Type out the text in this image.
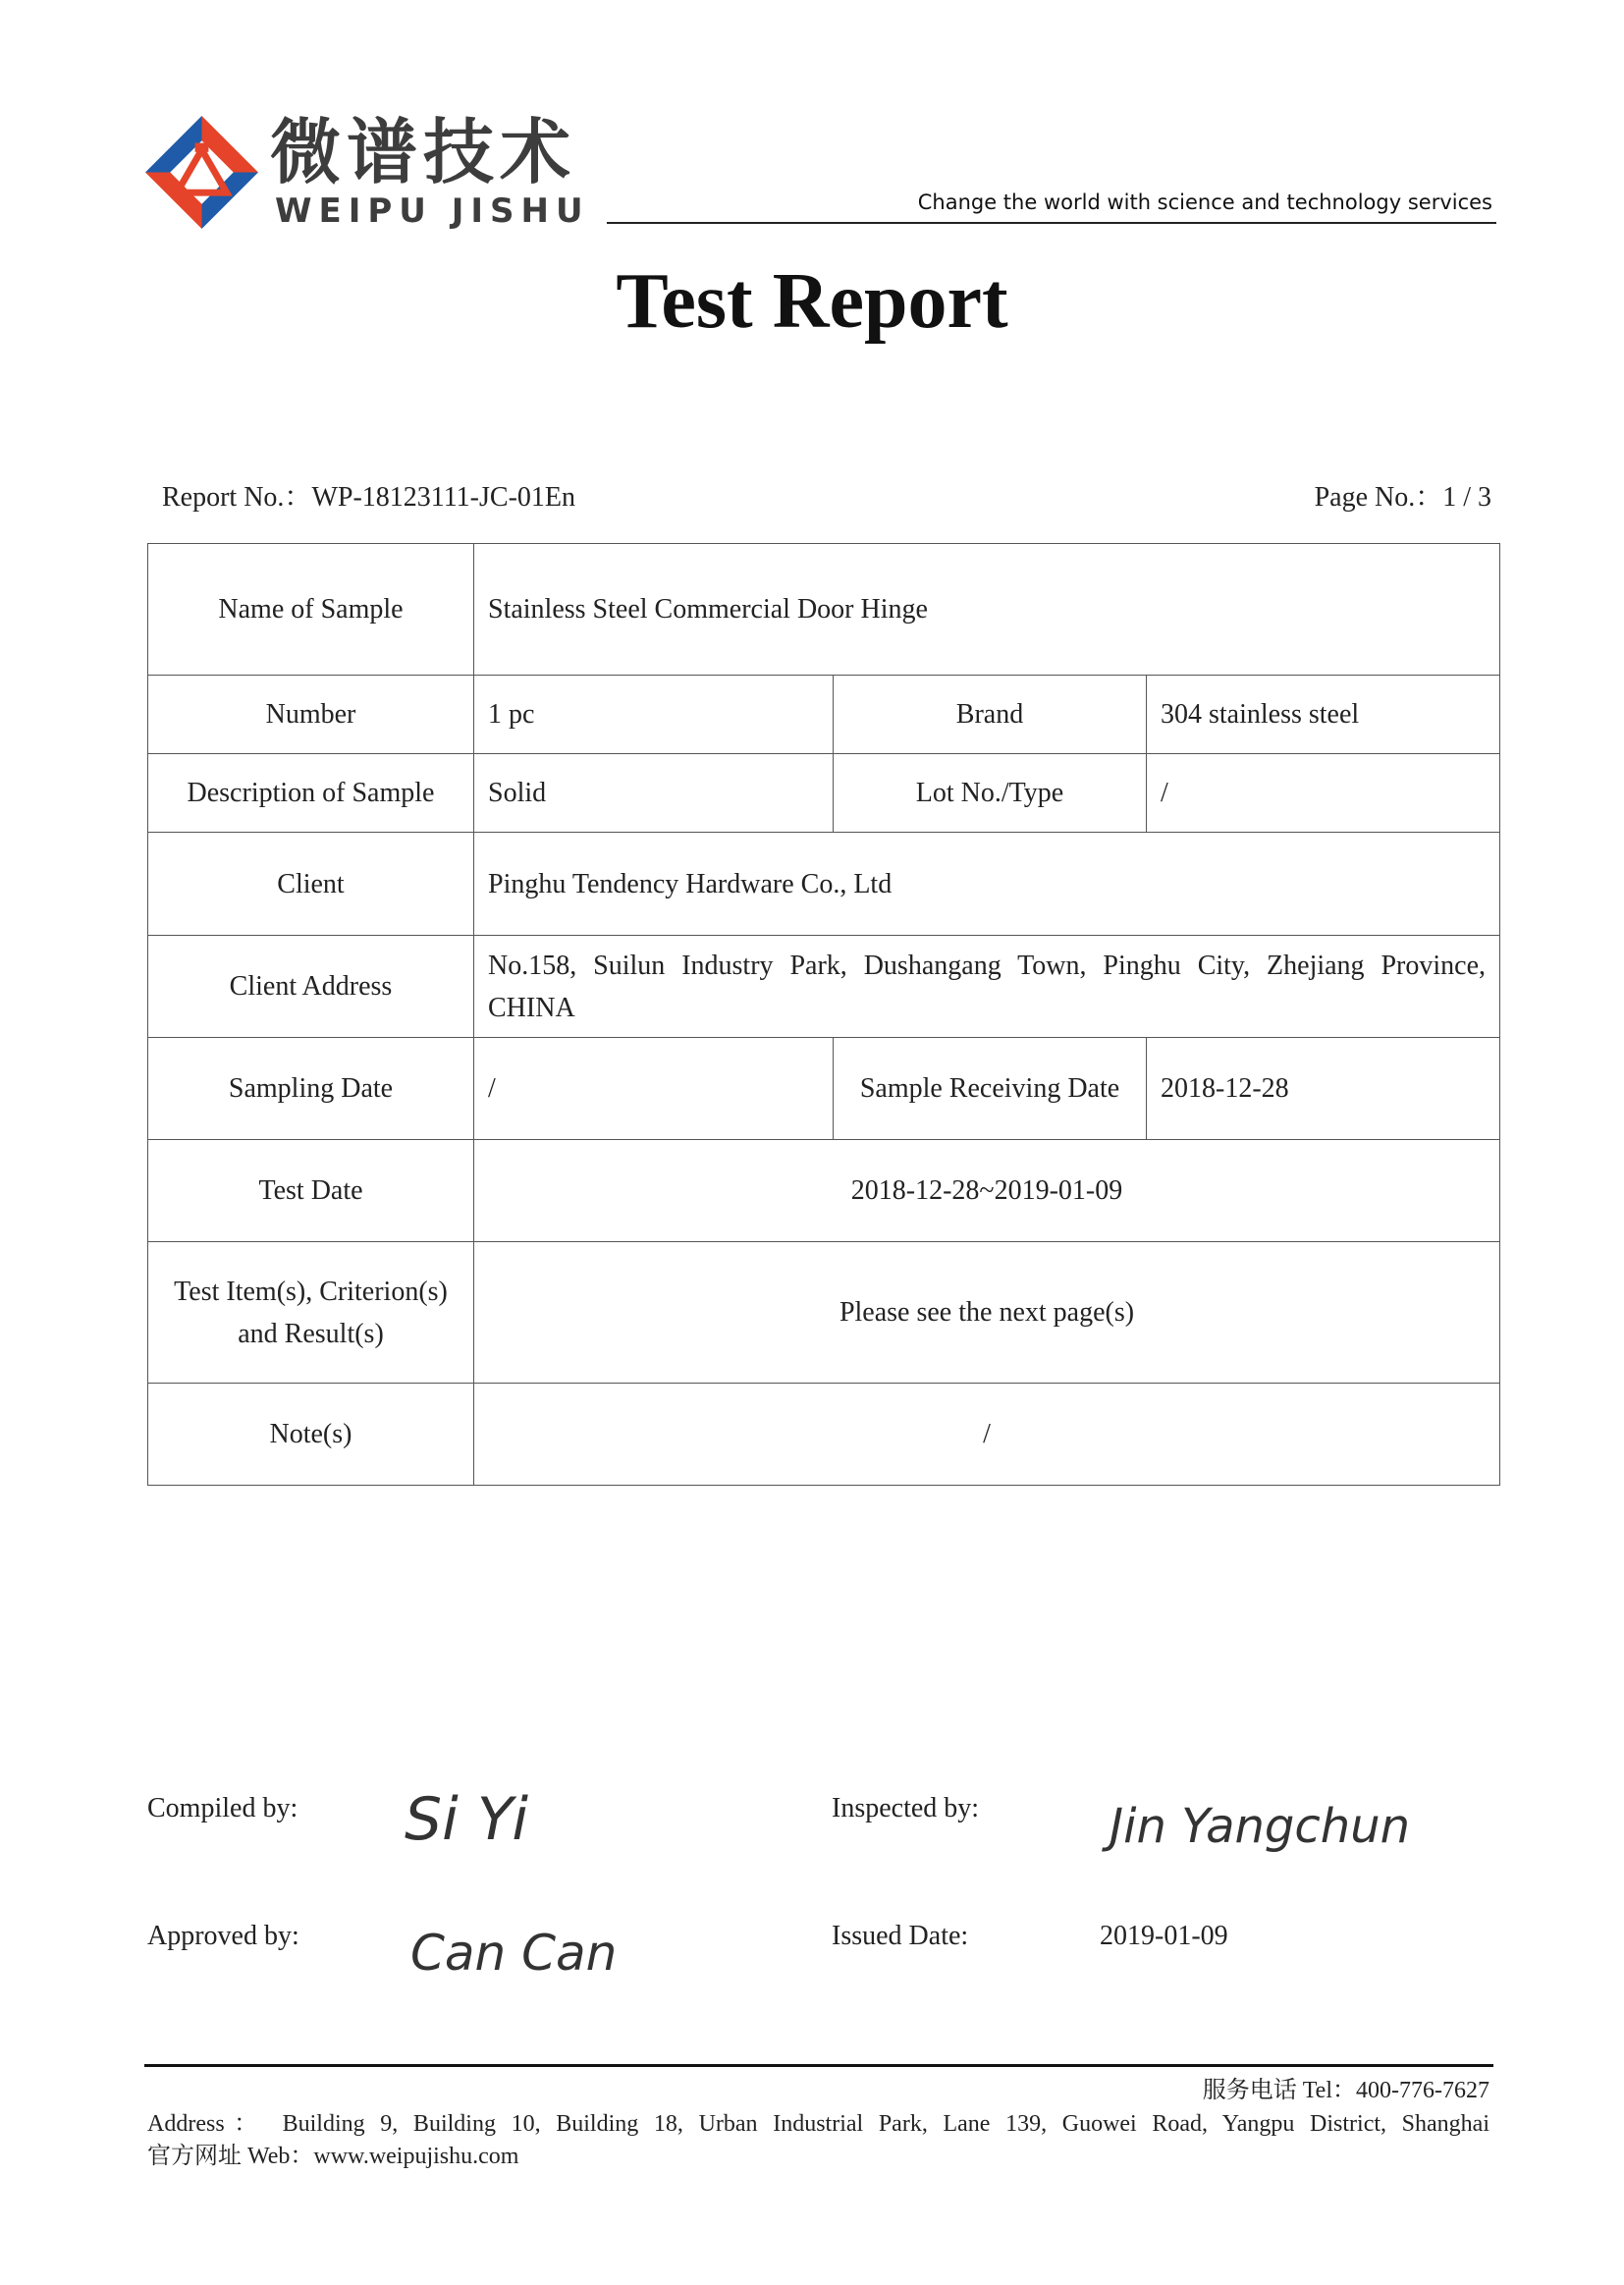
微谱技术
WEIPU JISHU	Change the world with science and technology services
Test Report
Report No.：WP-18123111-JC-01En	Page No.：1 / 3
Name of Sample	Stainless Steel Commercial Door Hinge		
Number	1 pc	Brand	304 stainless steel
Description of Sample	Solid	Lot No./Type	/
Client	Pinghu Tendency Hardware Co., Ltd		
Client Address	No.158, Suilun Industry Park, Dushangang Town, Pinghu City, Zhejiang Province, CHINA		
Sampling Date	/	Sample Receiving Date	2018-12-28
Test Date	2018-12-28~2019-01-09		

Test Item(s), Criterion(s)
and Result(s)	Please see the next page(s)		
Note(s)	/		
Compiled by: Si Yi	Inspected by:	Jin Yangchun
Approved by: Can Can	Issued Date:	2019-01-09
服务电话 Tel：400-776-7627
Address： Building 9, Building 10, Building 18, Urban Industrial Park, Lane 139, Guowei Road, Yangpu District, Shanghai
官方网址 Web：www.weipujishu.com
